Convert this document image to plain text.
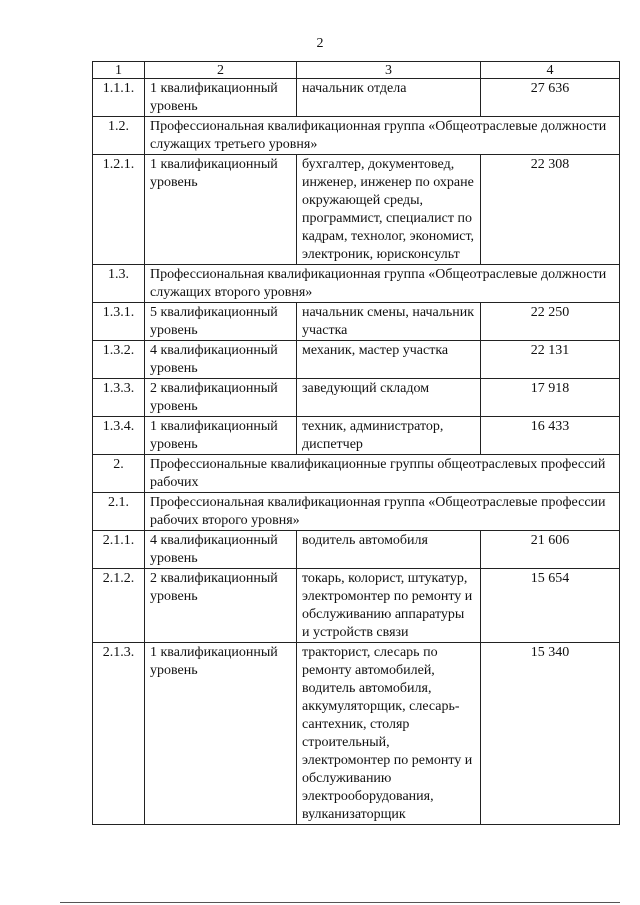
2
1	2	3	4
1.1.1.	1 квалификационный уровень	начальник отдела	27 636
1.2.	Профессиональная квалификационная группа «Общеотраслевые должности служащих третьего уровня»		
1.2.1.	1 квалификационный уровень	бухгалтер, документовед, инженер, инженер по охране окружающей среды, программист, специалист по кадрам, технолог, экономист, электроник, юрисконсульт	22 308
1.3.	Профессиональная квалификационная группа «Общеотраслевые должности служащих второго уровня»		
1.3.1.	5 квалификационный уровень	начальник смены, начальник участка	22 250
1.3.2.	4 квалификационный уровень	механик, мастер участка	22 131
1.3.3.	2 квалификационный уровень	заведующий складом	17 918
1.3.4.	1 квалификационный уровень	техник, администратор, диспетчер	16 433
2.	Профессиональные квалификационные группы общеотраслевых профессий рабочих		
2.1.	Профессиональная квалификационная группа «Общеотраслевые профессии рабочих второго уровня»		
2.1.1.	4 квалификационный уровень	водитель автомобиля	21 606
2.1.2.	2 квалификационный уровень	токарь, колорист, штукатур, электромонтер по ремонту и обслуживанию аппаратуры и устройств связи	15 654
2.1.3.	1 квалификационный уровень	тракторист, слесарь по ремонту автомобилей, водитель автомобиля, аккумуляторщик, слесарь-сантехник, столяр строительный, электромонтер по ремонту и обслуживанию электрооборудования, вулканизаторщик	15 340
